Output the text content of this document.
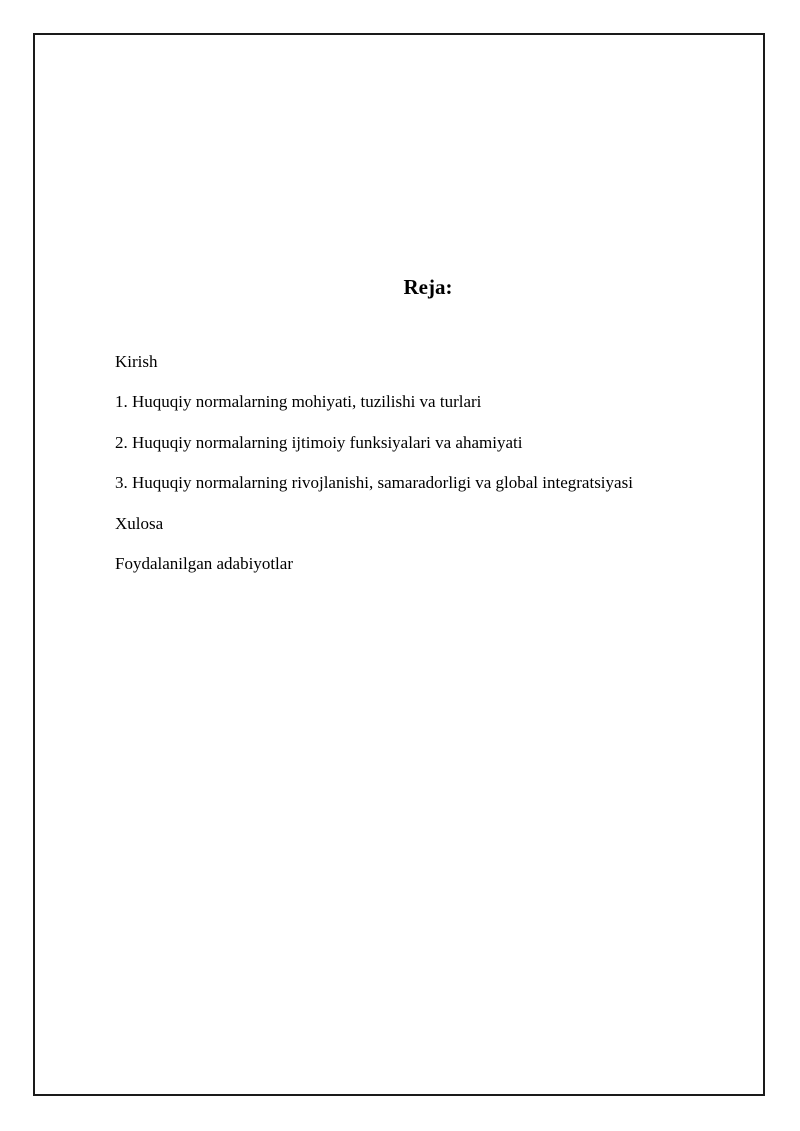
Reja:
Kirish
1. Huquqiy normalarning mohiyati, tuzilishi va turlari
2. Huquqiy normalarning ijtimoiy funksiyalari va ahamiyati
3. Huquqiy normalarning rivojlanishi, samaradorligi va global integratsiyasi
Xulosa
Foydalanilgan adabiyotlar
